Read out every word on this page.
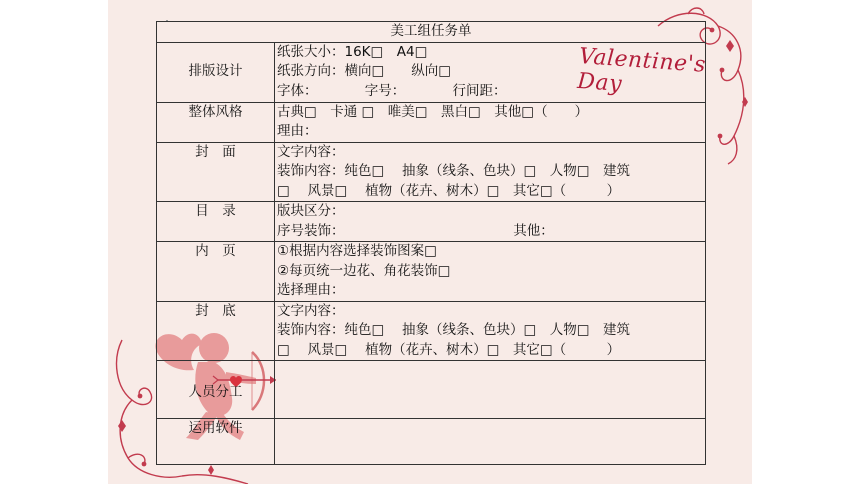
Valentine's Day
美工组任务单	
排版设计	纸张大小：16K□　A4□
纸张方向：横向□　　纵向□
字体：　　　　字号：　　　　行间距：

整体风格	古典□　卡通 □　唯美□　黑白□　其他□（　　）
理由：

封　面	文字内容：
装饰内容：纯色□　 抽象（线条、色块）□　人物□　建筑
□　 风景□　 植物（花卉、树木）□　其它□（　　　）

目　录	版块区分：
序号装饰：　　　　　　　　　　　　　其他：

内　页	①根据内容选择装饰图案□
②每页统一边花、角花装饰□
选择理由：

封　底	文字内容：
装饰内容：纯色□　 抽象（线条、色块）□　人物□　建筑
□　 风景□　 植物（花卉、树木）□　其它□（　　　）

人员分工	
运用软件	
